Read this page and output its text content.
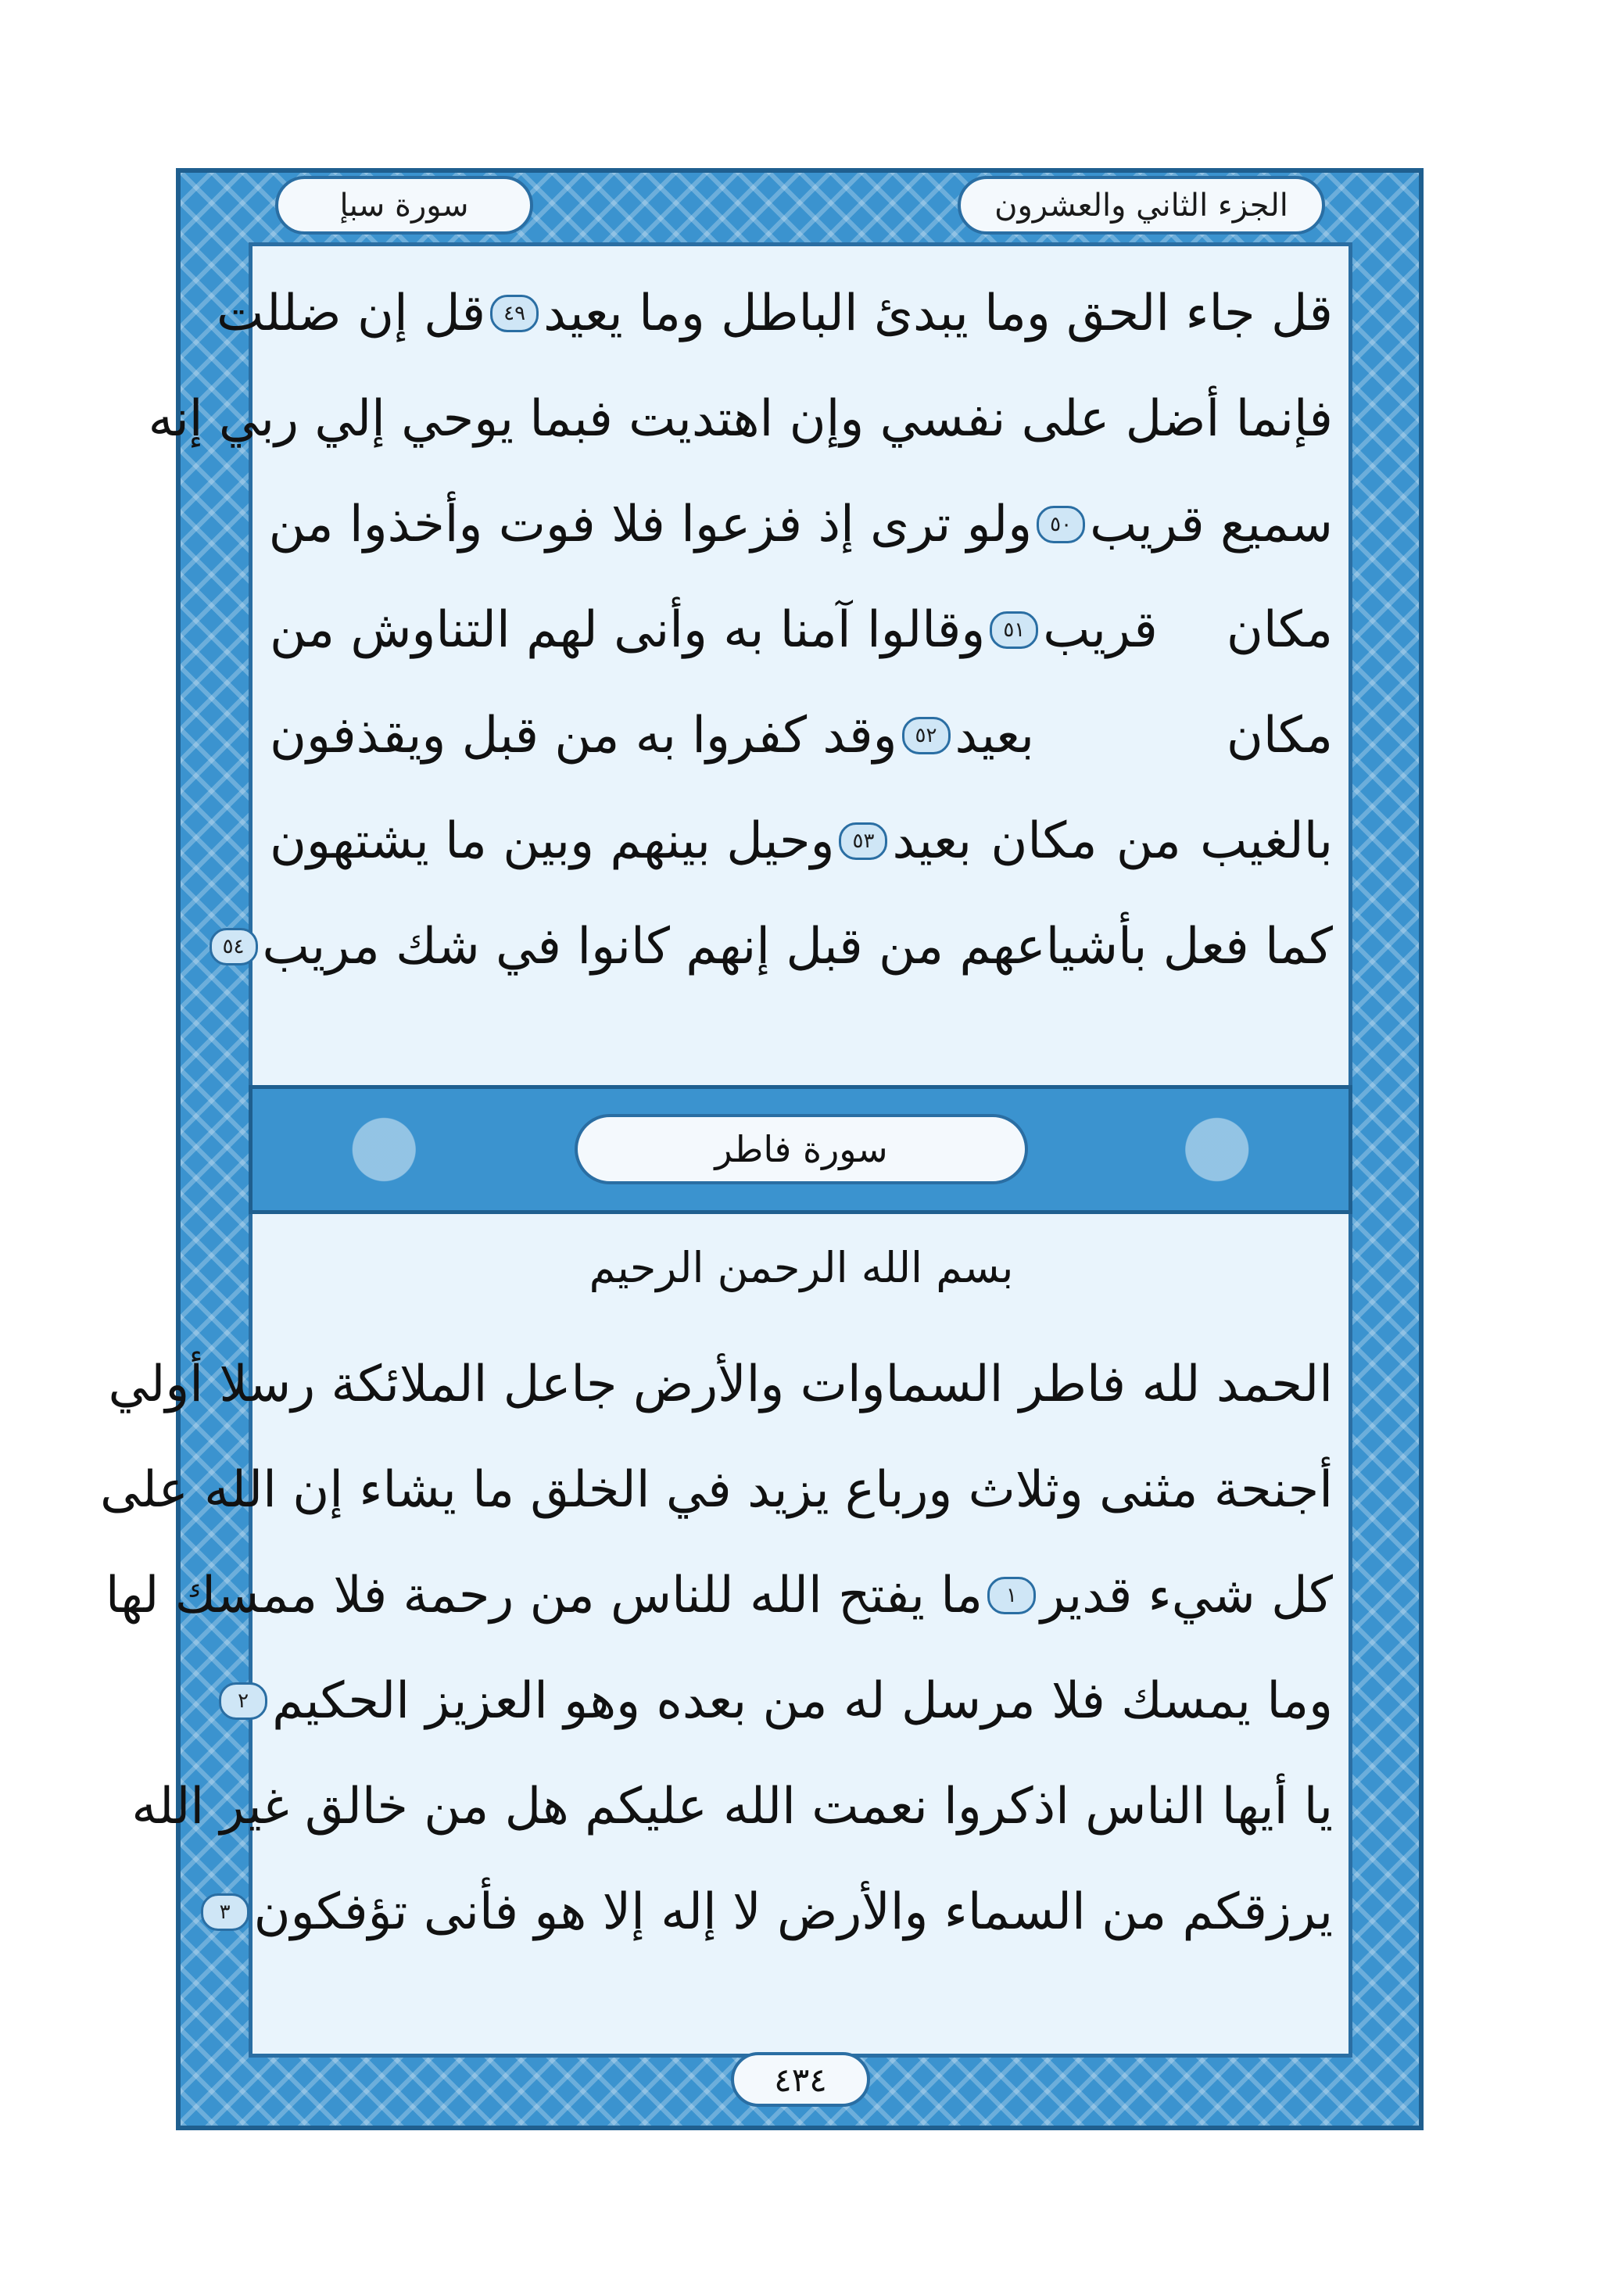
الجزء الثاني والعشرون
سورة سبإ
قل جاء الحق وما يبدئ الباطل وما يعيد
٤٩
قل إن ضللت
فإنما أضل على نفسي وإن اهتديت فبما يوحي إلي ربي إنه
سميع قريب
٥٠
ولو ترى إذ فزعوا فلا فوت وأخذوا من
مكان قريب
٥١
وقالوا آمنا به وأنى لهم التناوش من
مكان بعيد
٥٢
وقد كفروا به من قبل ويقذفون
بالغيب من مكان بعيد
٥٣
وحيل بينهم وبين ما يشتهون
كما فعل بأشياعهم من قبل إنهم كانوا في شك مريب
٥٤
سورة فاطر
بسم الله الرحمن الرحيم
الحمد لله فاطر السماوات والأرض جاعل الملائكة رسلا أولي
أجنحة مثنى وثلاث ورباع يزيد في الخلق ما يشاء إن الله على
كل شيء قدير
١
ما يفتح الله للناس من رحمة فلا ممسك لها
وما يمسك فلا مرسل له من بعده وهو العزيز الحكيم
٢
يا أيها الناس اذكروا نعمت الله عليكم هل من خالق غير الله
يرزقكم من السماء والأرض لا إله إلا هو فأنى تؤفكون
٣
٤٣٤
